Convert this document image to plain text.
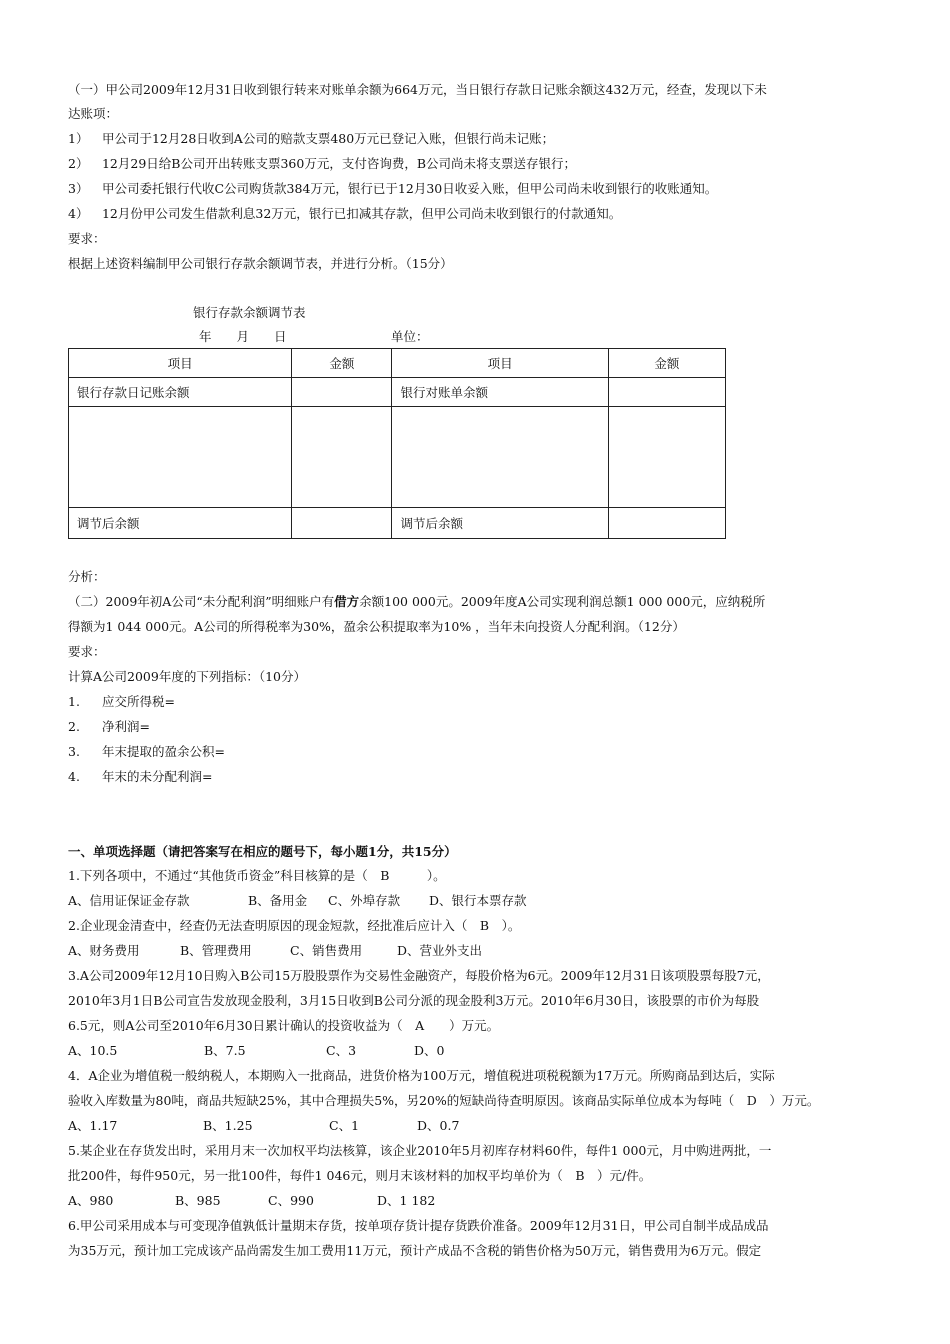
（一）甲公司2009年12月31日收到银行转来对账单余额为664万元，当日银行存款日记账余额这432万元，经查，发现以下未
达账项：
1） 甲公司于12月28日收到A公司的赔款支票480万元已登记入账，但银行尚未记账；
2） 12月29日给B公司开出转账支票360万元，支付咨询费，B公司尚未将支票送存银行；
3） 甲公司委托银行代收C公司购货款384万元，银行已于12月30日收妥入账，但甲公司尚未收到银行的收账通知。
4） 12月份甲公司发生借款利息32万元，银行已扣减其存款，但甲公司尚未收到银行的付款通知。
要求：
根据上述资料编制甲公司银行存款余额调节表，并进行分析。（15分）
银行存款余额调节表
年　　月　　日	单位：
项目	金额	项目	金额
银行存款日记账余额		银行对账单余额	

调节后余额		调节后余额	
分析：
（二）2009年初A公司“未分配利润”明细账户有借方余额100 000元。2009年度A公司实现利润总额1 000 000元，应纳税所
得额为1 044 000元。A公司的所得税率为30%，盈余公积提取率为10% ，当年未向投资人分配利润。（12分）
要求：
计算A公司2009年度的下列指标：（10分）
1. 应交所得税=
2. 净利润=
3. 年末提取的盈余公积=
4. 年末的未分配利润=
一、单项选择题（请把答案写在相应的题号下，每小题1分，共15分）
1.下列各项中，不通过“其他货币资金”科目核算的是（　B　　　）。
A、信用证保证金存款	B、备用金 C、外埠存款 D、银行本票存款
2.企业现金清查中，经查仍无法查明原因的现金短款，经批准后应计入（　B　）。
A、财务费用	B、管理费用	C、销售费用	D、营业外支出
3.A公司2009年12月10日购入B公司15万股股票作为交易性金融资产，每股价格为6元。2009年12月31日该项股票每股7元，
2010年3月1日B公司宣告发放现金股利，3月15日收到B公司分派的现金股利3万元。2010年6月30日，该股票的市价为每股
6.5元，则A公司至2010年6月30日累计确认的投资收益为（　A　　）万元。
A、10.5	B、7.5	C、3	D、0
4．A企业为增值税一般纳税人，本期购入一批商品，进货价格为100万元，增值税进项税税额为17万元。所购商品到达后，实际
验收入库数量为80吨，商品共短缺25%，其中合理损失5%，另20%的短缺尚待查明原因。该商品实际单位成本为每吨（　D　）万元。
A、1.17	B、1.25	C、1	D、0.7
5.某企业在存货发出时，采用月末一次加权平均法核算，该企业2010年5月初库存材料60件，每件1 000元，月中购进两批，一
批200件，每件950元，另一批100件，每件1 046元，则月末该材料的加权平均单价为（　B　）元/件。
A、980	B、985	C、990	D、1 182
6.甲公司采用成本与可变现净值孰低计量期末存货，按单项存货计提存货跌价准备。2009年12月31日，甲公司自制半成品成品
为35万元，预计加工完成该产品尚需发生加工费用11万元，预计产成品不含税的销售价格为50万元，销售费用为6万元。假定
